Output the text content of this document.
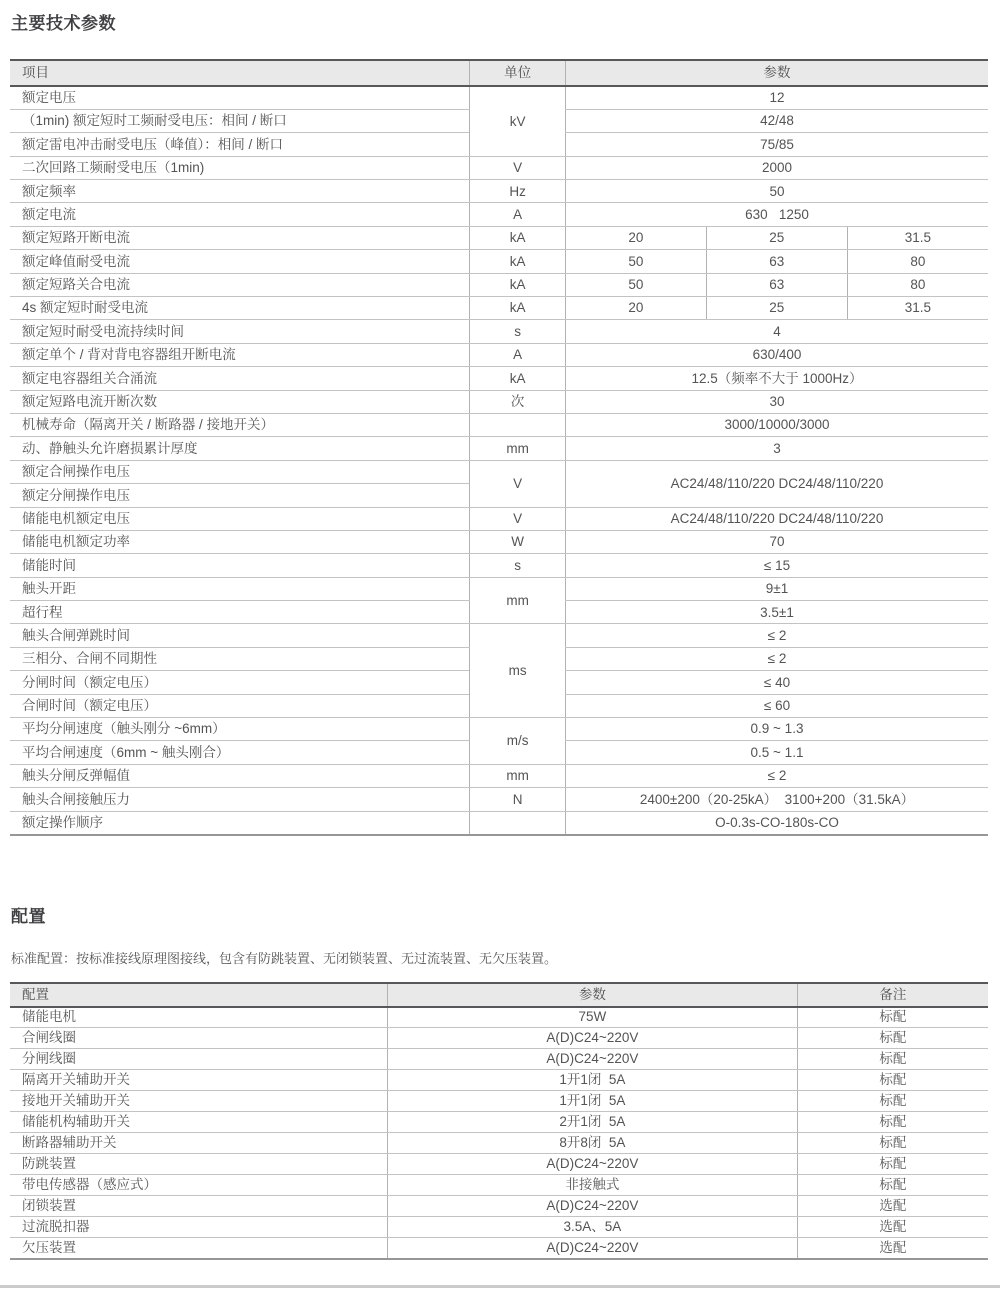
主要技术参数
项目	单位	参数		
额定电压	kV	12		
（1min) 额定短时工频耐受电压：相间 / 断口		42/48		
额定雷电冲击耐受电压（峰值）：相间 / 断口		75/85		
二次回路工频耐受电压（1min)	V	2000		
额定频率	Hz	50		
额定电流	A	630   1250		
额定短路开断电流	kA	20	25	31.5
额定峰值耐受电流	kA	50	63	80
额定短路关合电流	kA	50	63	80
4s 额定短时耐受电流	kA	20	25	31.5
额定短时耐受电流持续时间	s	4		
额定单个 / 背对背电容器组开断电流	A	630/400		
额定电容器组关合涌流	kA	12.5（频率不大于 1000Hz）		
额定短路电流开断次数	次	30		
机械寿命（隔离开关 / 断路器 / 接地开关）		3000/10000/3000		
动、静触头允许磨损累计厚度	mm	3		
额定合闸操作电压	V	AC24/48/110/220 DC24/48/110/220		
额定分闸操作电压				
储能电机额定电压	V	AC24/48/110/220 DC24/48/110/220		
储能电机额定功率	W	70		
储能时间	s	≤ 15		
触头开距	mm	9±1		
超行程		3.5±1		
触头合闸弹跳时间	ms	≤ 2		
三相分、合闸不同期性		≤ 2		
分闸时间（额定电压）		≤ 40		
合闸时间（额定电压）		≤ 60		
平均分闸速度（触头刚分 ~6mm）	m/s	0.9 ~ 1.3		
平均合闸速度（6mm ~ 触头刚合）		0.5 ~ 1.1		
触头分闸反弹幅值	mm	≤ 2		
触头合闸接触压力	N	2400±200（20-25kA）  3100+200（31.5kA）		
额定操作顺序		O-0.3s-CO-180s-CO		
配置

标准配置：按标准接线原理图接线，包含有防跳装置、无闭锁装置、无过流装置、无欠压装置。

配置	参数	备注
储能电机	75W	标配
合闸线圈	A(D)C24~220V	标配
分闸线圈	A(D)C24~220V	标配
隔离开关辅助开关	1开1闭  5A	标配
接地开关辅助开关	1开1闭  5A	标配
储能机构辅助开关	2开1闭  5A	标配
断路器辅助开关	8开8闭  5A	标配
防跳装置	A(D)C24~220V	标配
带电传感器（感应式）	非接触式	标配
闭锁装置	A(D)C24~220V	选配
过流脱扣器	3.5A、5A	选配
欠压装置	A(D)C24~220V	选配
